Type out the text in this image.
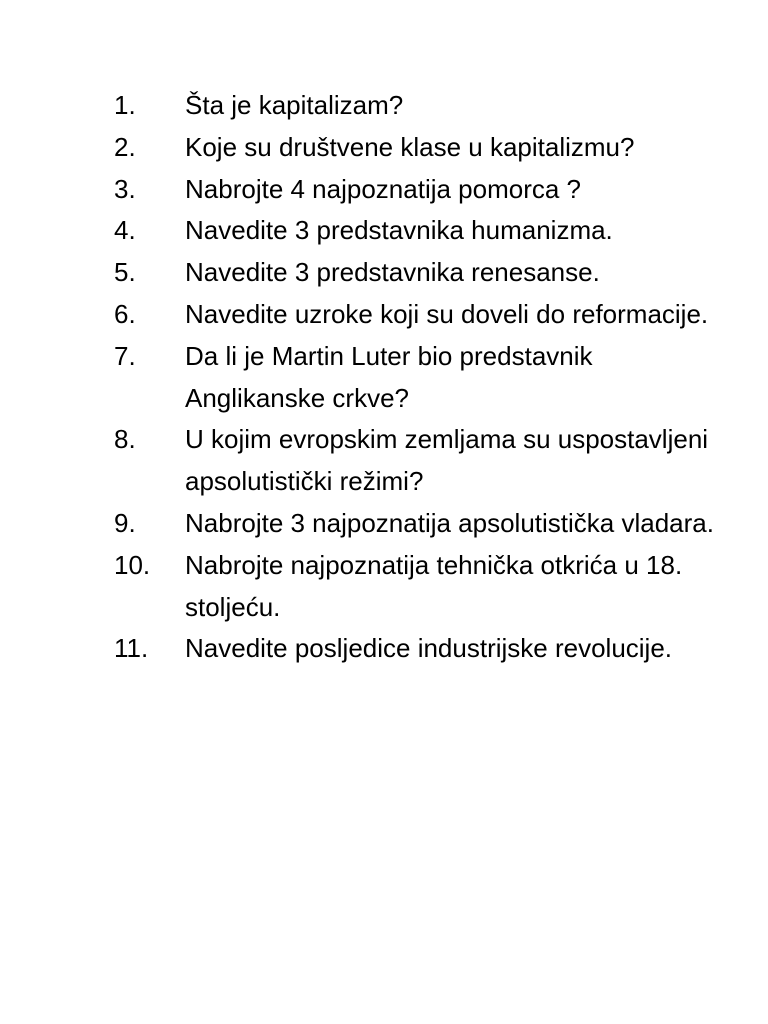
1. Šta je kapitalizam?
2. Koje su društvene klase u kapitalizmu?
3. Nabrojte 4 najpoznatija pomorca ?
4. Navedite 3 predstavnika humanizma.
5. Navedite 3 predstavnika renesanse.
6. Navedite uzroke koji su doveli do reformacije.
7. Da li je Martin Luter bio predstavnik Anglikanske crkve?
8. U kojim evropskim zemljama su uspostavljeni apsolutistički režimi?
9. Nabrojte 3 najpoznatija apsolutistička vladara.
10. Nabrojte najpoznatija tehnička otkrića u 18. stoljeću.
11. Navedite posljedice industrijske revolucije.
